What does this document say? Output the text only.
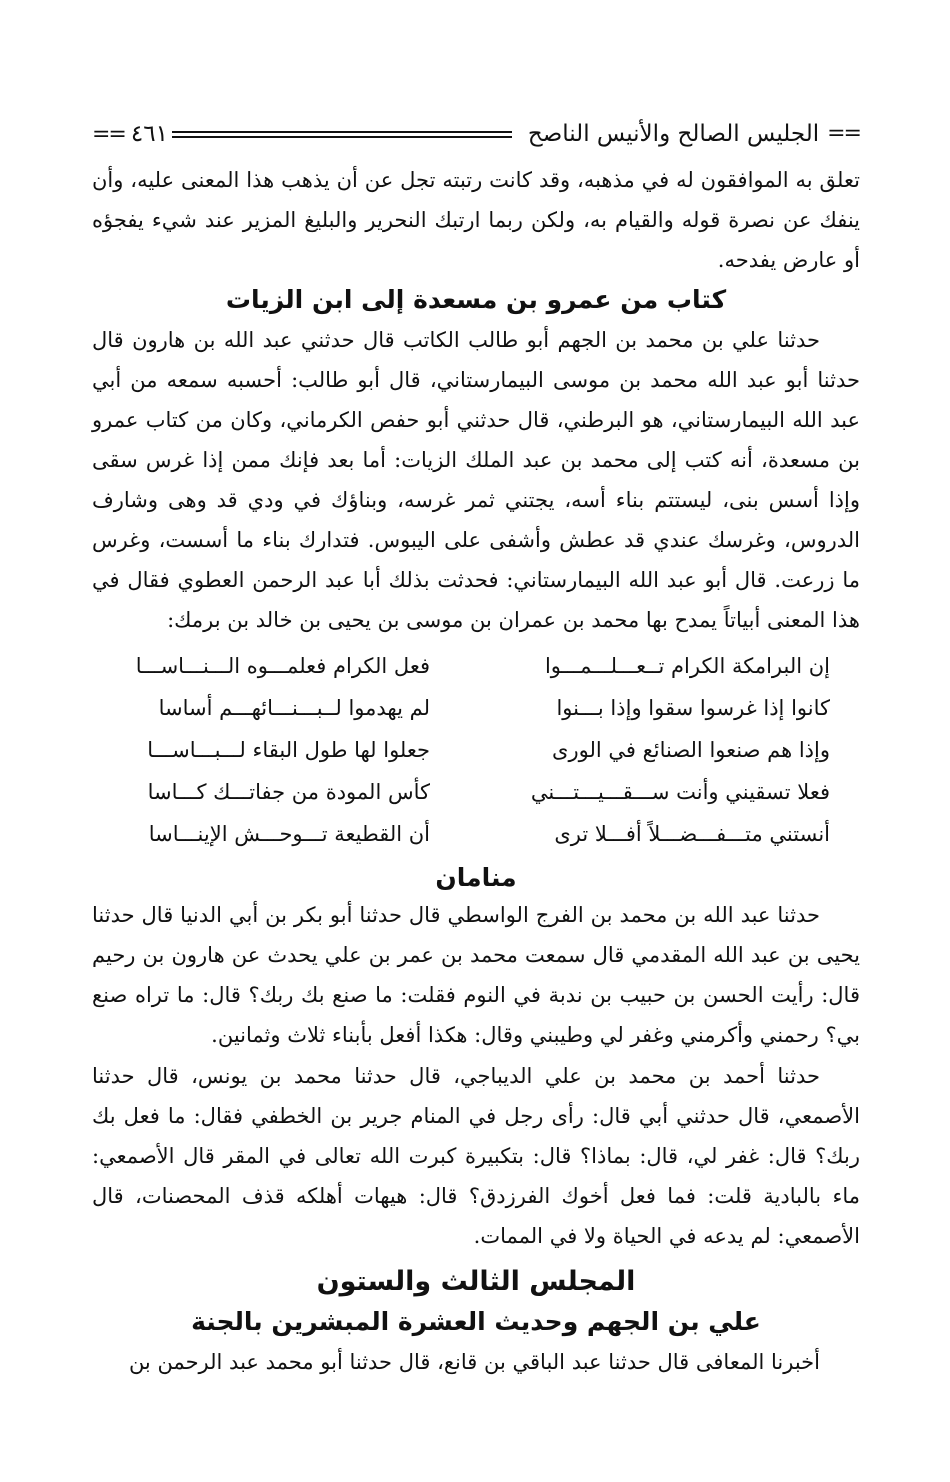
==
الجليس الصالح والأنيس الناصح
٤٦١
==

تعلق به الموافقون له في مذهبه، وقد كانت رتبته تجل عن أن يذهب هذا المعنى عليه، وأن ينفك عن نصرة قوله والقيام به، ولكن ربما ارتبك النحرير والبليغ المزير عند شيء يفجؤه أو عارض يفدحه.

كتاب من عمرو بن مسعدة إلى ابن الزيات

حدثنا علي بن محمد بن الجهم أبو طالب الكاتب قال حدثني عبد الله بن هارون قال حدثنا أبو عبد الله محمد بن موسى البيمارستاني، قال أبو طالب: أحسبه سمعه من أبي عبد الله البيمارستاني، هو البرطني، قال حدثني أبو حفص الكرماني، وكان من كتاب عمرو بن مسعدة، أنه كتب إلى محمد بن عبد الملك الزيات: أما بعد فإنك ممن إذا غرس سقى وإذا أسس بنى، ليستتم بناء أسه، يجتني ثمر غرسه، وبناؤك في ودي قد وهى وشارف الدروس، وغرسك عندي قد عطش وأشفى على اليبوس. فتدارك بناء ما أسست، وغرس ما زرعت. قال أبو عبد الله البيمارستاني: فحدثت بذلك أبا عبد الرحمن العطوي فقال في هذا المعنى أبياتاً يمدح بها محمد بن عمران بن موسى بن يحيى بن خالد بن برمك:

إن البرامكة الكرام تــعـــلـــمـــوا
فعل الكرام فعلمـــوه الـــنـــاســـا
كانوا إذا غرسوا سقوا وإذا بـــنوا
لم يهدموا لــبـــنـــائهـــم أساسا
وإذا هم صنعوا الصنائع في الورى
جعلوا لها طول البقاء لـــبـــاســـا
فعلا تسقيني وأنت ســـقـــيـــتـــني
كأس المودة من جفاتـــك كـــاسا
أنستني متـــفـــضـــلاً أفـــلا ترى
أن القطيعة تـــوحـــش الإينـــاسا
منامان

حدثنا عبد الله بن محمد بن الفرج الواسطي قال حدثنا أبو بكر بن أبي الدنيا قال حدثنا يحيى بن عبد الله المقدمي قال سمعت محمد بن عمر بن علي يحدث عن هارون بن رحيم قال: رأيت الحسن بن حبيب بن ندبة في النوم فقلت: ما صنع بك ربك؟ قال: ما تراه صنع بي؟ رحمني وأكرمني وغفر لي وطيبني وقال: هكذا أفعل بأبناء ثلاث وثمانين.

حدثنا أحمد بن محمد بن علي الديباجي، قال حدثنا محمد بن يونس، قال حدثنا الأصمعي، قال حدثني أبي قال: رأى رجل في المنام جرير بن الخطفي فقال: ما فعل بك ربك؟ قال: غفر لي، قال: بماذا؟ قال: بتكبيرة كبرت الله تعالى في المقر قال الأصمعي: ماء بالبادية قلت: فما فعل أخوك الفرزدق؟ قال: هيهات أهلكه قذف المحصنات، قال الأصمعي: لم يدعه في الحياة ولا في الممات.

المجلس الثالث والستون
علي بن الجهم وحديث العشرة المبشرين بالجنة

أخبرنا المعافى قال حدثنا عبد الباقي بن قانع، قال حدثنا أبو محمد عبد الرحمن بن
